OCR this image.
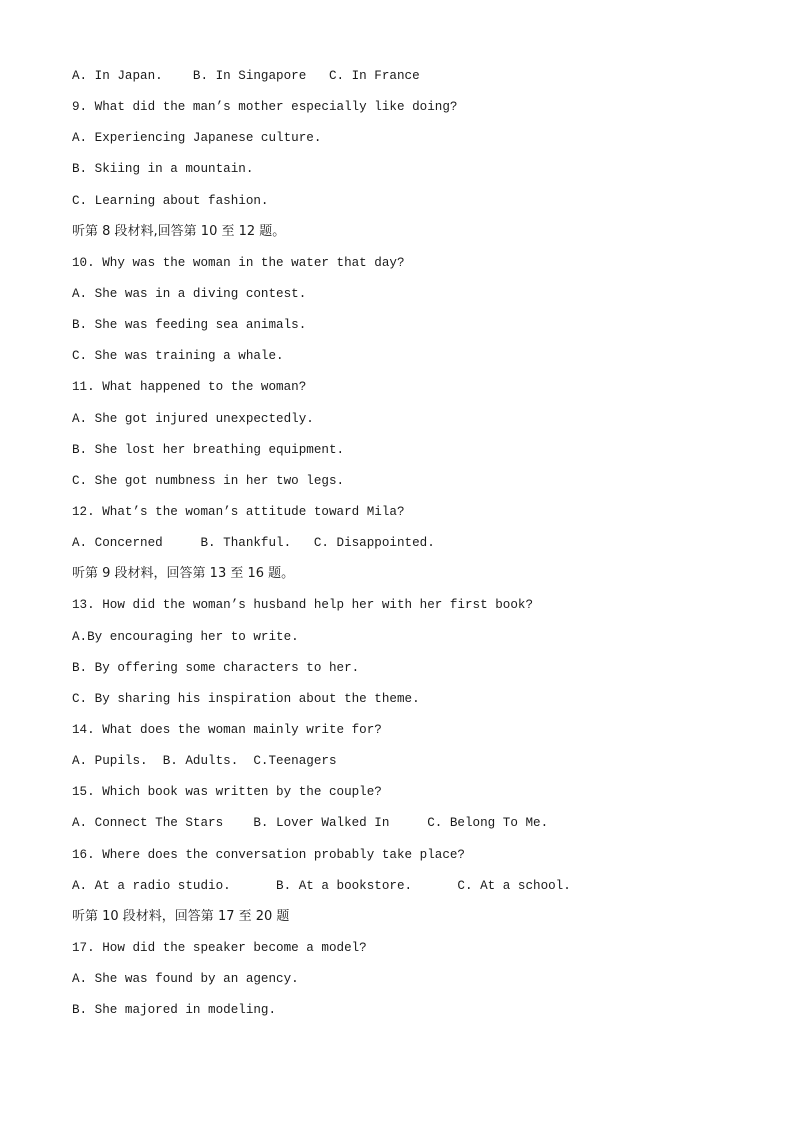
A. In Japan.    B. In Singapore   C. In France
9. What did the man’s mother especially like doing?
A. Experiencing Japanese culture.
B. Skiing in a mountain.
C. Learning about fashion.
听第 8 段材料,回答第 10 至 12 题。
10. Why was the woman in the water that day?
A. She was in a diving contest.
B. She was feeding sea animals.
C. She was training a whale.
11. What happened to the woman?
A. She got injured unexpectedly.
B. She lost her breathing equipment.
C. She got numbness in her two legs.
12. What’s the woman’s attitude toward Mila?
A. Concerned     B. Thankful.   C. Disappointed.
听第 9 段材料，回答第 13 至 16 题。
13. How did the woman’s husband help her with her first book?
A.By encouraging her to write.
B. By offering some characters to her.
C. By sharing his inspiration about the theme.
14. What does the woman mainly write for?
A. Pupils.  B. Adults.  C.Teenagers
15. Which book was written by the couple?
A. Connect The Stars    B. Lover Walked In     C. Belong To Me.
16. Where does the conversation probably take place?
A. At a radio studio.      B. At a bookstore.      C. At a school.
听第 10 段材料，回答第 17 至 20 题
17. How did the speaker become a model?
A. She was found by an agency.
B. She majored in modeling.
